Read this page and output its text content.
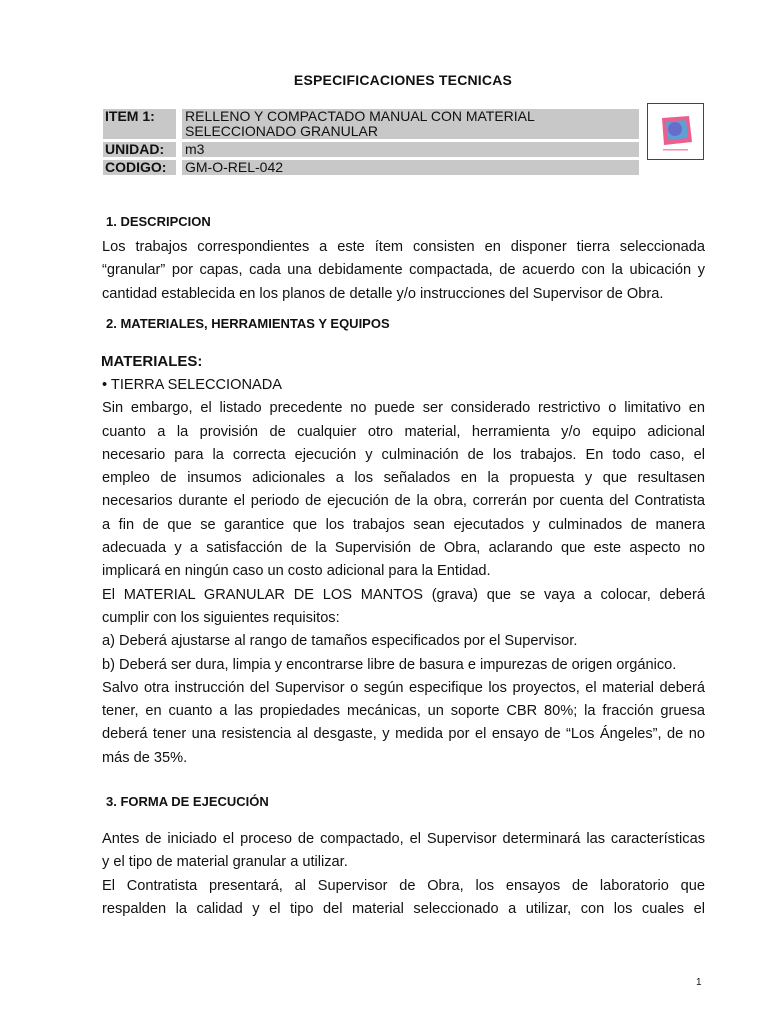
ESPECIFICACIONES TECNICAS
ITEM 1:		RELLENO Y COMPACTADO MANUAL CON MATERIAL
SELECCIONADO GRANULAR
UNIDAD:		m3
CODIGO:		GM-O-REL-042
1. DESCRIPCION
Los trabajos correspondientes a este ítem consisten en disponer tierra seleccionada
“granular” por capas, cada una debidamente compactada, de acuerdo con la ubicación y
cantidad establecida en los planos de detalle y/o instrucciones del Supervisor de Obra.
2. MATERIALES, HERRAMIENTAS Y EQUIPOS
MATERIALES:
• TIERRA SELECCIONADA
Sin embargo, el listado precedente no puede ser considerado restrictivo o limitativo en
cuanto a la provisión de cualquier otro material, herramienta y/o equipo adicional
necesario para la correcta ejecución y culminación de los trabajos. En todo caso, el
empleo de insumos adicionales a los señalados en la propuesta y que resultasen
necesarios durante el periodo de ejecución de la obra, correrán por cuenta del Contratista
a fin de que se garantice que los trabajos sean ejecutados y culminados de manera
adecuada y a satisfacción de la Supervisión de Obra, aclarando que este aspecto no
implicará en ningún caso un costo adicional para la Entidad.
El MATERIAL GRANULAR DE LOS MANTOS (grava) que se vaya a colocar, deberá
cumplir con los siguientes requisitos:
a) Deberá ajustarse al rango de tamaños especificados por el Supervisor.
b) Deberá ser dura, limpia y encontrarse libre de basura e impurezas de origen orgánico.
Salvo otra instrucción del Supervisor o según especifique los proyectos, el material deberá
tener, en cuanto a las propiedades mecánicas, un soporte CBR 80%; la fracción gruesa
deberá tener una resistencia al desgaste, y medida por el ensayo de “Los Ángeles”, de no
más de 35%.
3. FORMA DE EJECUCIÓN
Antes de iniciado el proceso de compactado, el Supervisor determinará las características
y el tipo de material granular a utilizar.
El Contratista presentará, al Supervisor de Obra, los ensayos de laboratorio que
respalden la calidad y el tipo del material seleccionado a utilizar, con los cuales el
1
